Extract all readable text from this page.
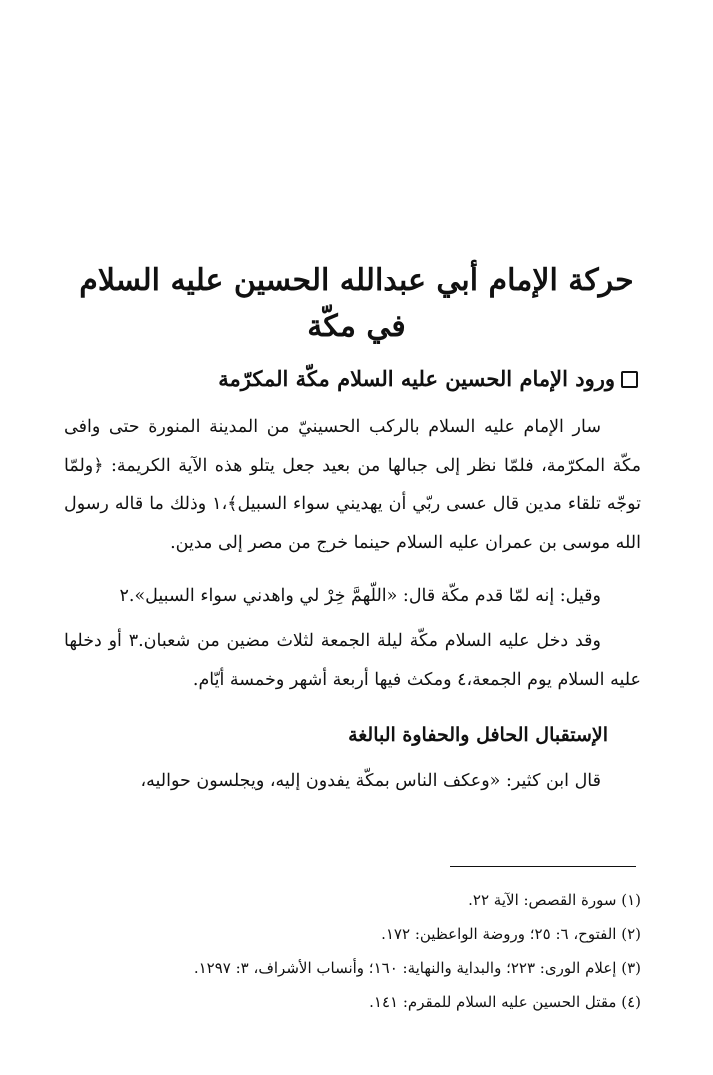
حركة الإمام أبي عبدالله الحسين عليه السلام في مكّة
ورود الإمام الحسين عليه السلام مكّة المكرّمة

سار الإمام عليه السلام بالركب الحسينيّ من المدينة المنورة حتى وافى مكّة المكرّمة، فلمّا نظر إلى جبالها من بعيد جعل يتلو هذه الآية الكريمة: ﴿ولمّا توجّه تلقاء مدين قال عسى ربّي أن يهديني سواء السبيل﴾،١ وذلك ما قاله رسول الله موسى بن عمران عليه السلام حينما خرج من مصر إلى مدين.

وقيل: إنه لمّا قدم مكّة قال: «اللّهمَّ خِرْ لي واهدني سواء السبيل».٢

وقد دخل عليه السلام مكّة ليلة الجمعة لثلاث مضين من شعبان.٣ أو دخلها عليه السلام يوم الجمعة،٤ ومكث فيها أربعة أشهر وخمسة أيّام.

الإستقبال الحافل والحفاوة البالغة

قال ابن كثير: «وعكف الناس بمكّة يفدون إليه، ويجلسون حواليه،

(١) سورة القصص: الآية ٢٢.
(٢) الفتوح، ٦: ٢٥؛ وروضة الواعظين: ١٧٢.
(٣) إعلام الورى: ٢٢٣؛ والبداية والنهاية: ١٦٠؛ وأنساب الأشراف، ٣: ١٢٩٧.
(٤) مقتل الحسين عليه السلام للمقرم: ١٤١.
